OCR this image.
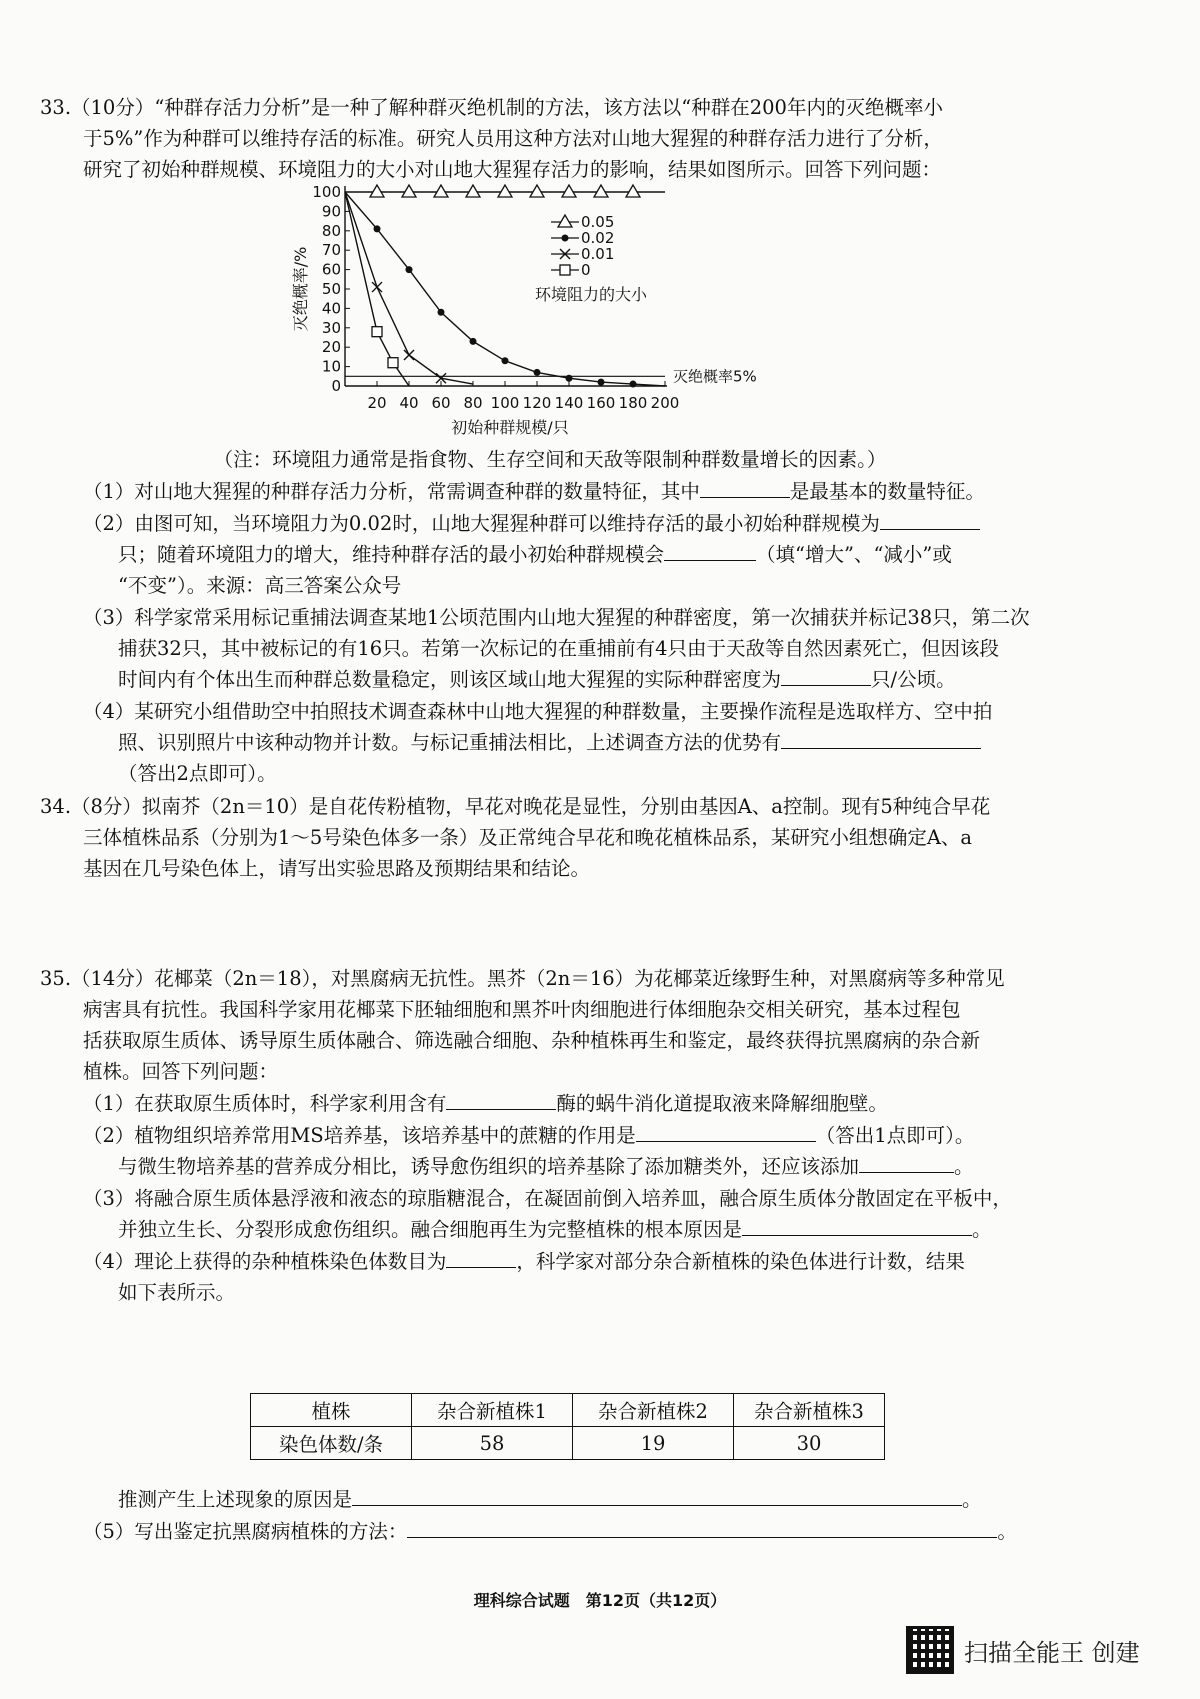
33.（10分）“种群存活力分析”是一种了解种群灭绝机制的方法，该方法以“种群在200年内的灭绝概率小
于5%”作为种群可以维持存活的标准。研究人员用这种方法对山地大猩猩的种群存活力进行了分析，
研究了初始种群规模、环境阻力的大小对山地大猩猩存活力的影响，结果如图所示。回答下列问题：
0
10
20
30
40
50
60
70
80
90
100
20 40 60 80 100 120 140 160 180 200
初始种群规模/只
灭绝概率/%
灭绝概率5%
0.05
0.02
0.01
0
环境阻力的大小
（注：环境阻力通常是指食物、生存空间和天敌等限制种群数量增长的因素。）
（1）对山地大猩猩的种群存活力分析，常需调查种群的数量特征，其中	是最基本的数量特征。
（2）由图可知，当环境阻力为0.02时，山地大猩猩种群可以维持存活的最小初始种群规模为
只；随着环境阻力的增大，维持种群存活的最小初始种群规模会	（填“增大”、“减小”或
“不变”）。来源：高三答案公众号
（3）科学家常采用标记重捕法调查某地1公顷范围内山地大猩猩的种群密度，第一次捕获并标记38只，第二次
捕获32只，其中被标记的有16只。若第一次标记的在重捕前有4只由于天敌等自然因素死亡，但因该段
时间内有个体出生而种群总数量稳定，则该区域山地大猩猩的实际种群密度为	只/公顷。
（4）某研究小组借助空中拍照技术调查森林中山地大猩猩的种群数量，主要操作流程是选取样方、空中拍
照、识别照片中该种动物并计数。与标记重捕法相比，上述调查方法的优势有
（答出2点即可）。
34.（8分）拟南芥（2n＝10）是自花传粉植物，早花对晚花是显性，分别由基因A、a控制。现有5种纯合早花
三体植株品系（分别为1～5号染色体多一条）及正常纯合早花和晚花植株品系，某研究小组想确定A、a
基因在几号染色体上，请写出实验思路及预期结果和结论。
35.（14分）花椰菜（2n＝18），对黑腐病无抗性。黑芥（2n＝16）为花椰菜近缘野生种，对黑腐病等多种常见
病害具有抗性。我国科学家用花椰菜下胚轴细胞和黑芥叶肉细胞进行体细胞杂交相关研究，基本过程包
括获取原生质体、诱导原生质体融合、筛选融合细胞、杂种植株再生和鉴定，最终获得抗黑腐病的杂合新
植株。回答下列问题：
（1）在获取原生质体时，科学家利用含有	酶的蜗牛消化道提取液来降解细胞壁。
（2）植物组织培养常用MS培养基，该培养基中的蔗糖的作用是	（答出1点即可）。
与微生物培养基的营养成分相比，诱导愈伤组织的培养基除了添加糖类外，还应该添加	。
（3）将融合原生质体悬浮液和液态的琼脂糖混合，在凝固前倒入培养皿，融合原生质体分散固定在平板中，
并独立生长、分裂形成愈伤组织。融合细胞再生为完整植株的根本原因是	。
（4）理论上获得的杂种植株染色体数目为	，科学家对部分杂合新植株的染色体进行计数，结果
如下表所示。
植株	杂合新植株1	杂合新植株2	杂合新植株3
染色体数/条	58	19	30
推测产生上述现象的原因是	。
（5）写出鉴定抗黑腐病植株的方法：	。
理科综合试题　第12页（共12页）
扫描全能王 创建
